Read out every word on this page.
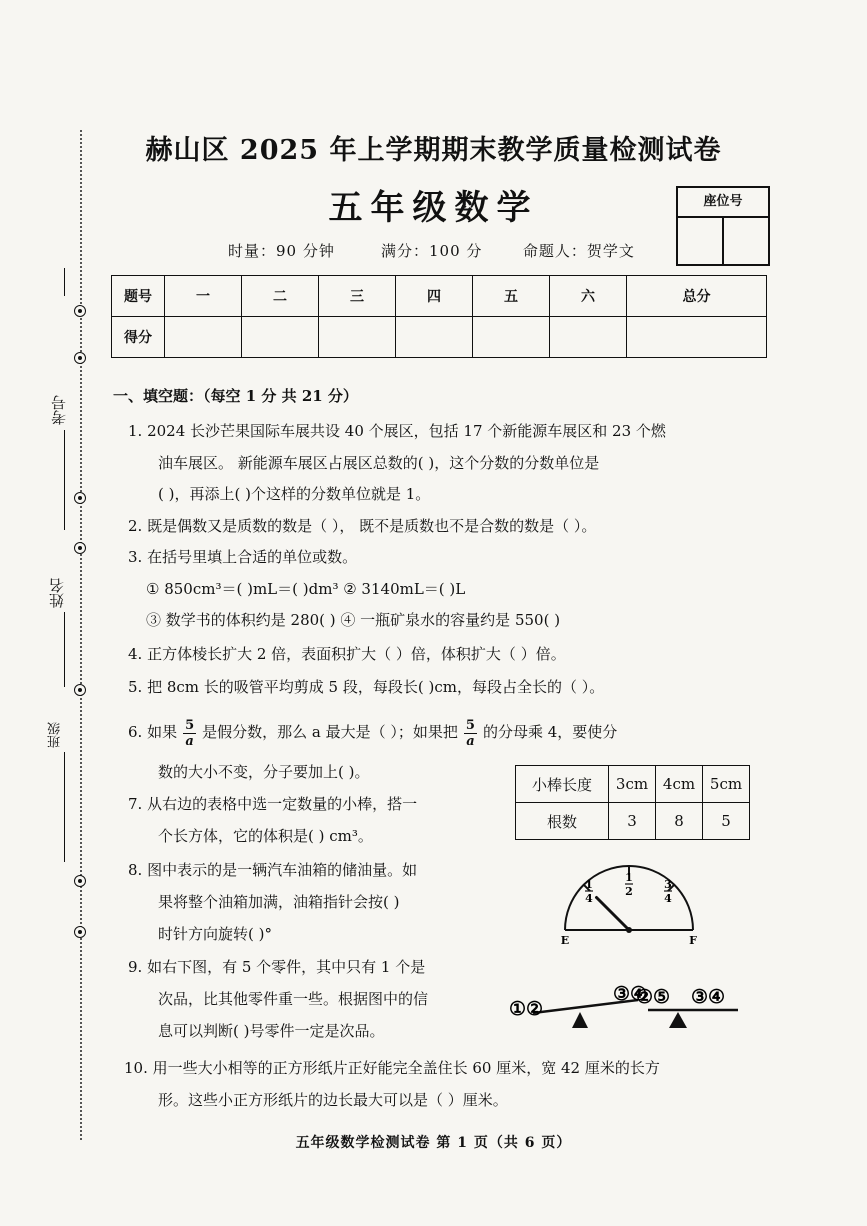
考号
姓名
班级
赫山区 2025 年上学期期末教学质量检测试卷
五年级数学	座位号
时量：90 分钟	满分：100 分	命题人：贺学文
题号	一	二	三	四	五	六	总分
得分							
一、填空题：（每空 1 分 共 21 分）
1. 2024 长沙芒果国际车展共设 40 个展区，包括 17 个新能源车展区和 23 个燃
油车展区。 新能源车展区占展区总数的( )，这个分数的分数单位是
( )，再添上( )个这样的分数单位就是 1。
2. 既是偶数又是质数的数是（ ）， 既不是质数也不是合数的数是（ ）。
3. 在括号里填上合适的单位或数。
① 850cm³＝( )mL＝( )dm³ ② 3140mL＝( )L
③ 数学书的体积约是 280( ) ④ 一瓶矿泉水的容量约是 550( )
4. 正方体棱长扩大 2 倍，表面积扩大（ ）倍，体积扩大（ ）倍。
5. 把 8cm 长的吸管平均剪成 5 段，每段长( )cm，每段占全长的（ ）。
6. 如果 $\frac{5}{a}$ 是假分数，那么 a 最大是（ ）；如果把 $\frac{5}{a}$ 的分母乘 4，要使分
数的大小不变，分子要加上( )。
7. 从右边的表格中选一定数量的小棒，搭一
个长方体，它的体积是( ) cm³。
小棒长度	3cm	4cm	5cm
根数	3	8	5
8. 图中表示的是一辆汽车油箱的储油量。如
果将整个油箱加满，油箱指针会按( )
时针方向旋转( )°
1
4
1
2
3
4
E	F
9. 如右下图，有 5 个零件，其中只有 1 个是
次品，比其他零件重一些。根据图中的信
息可以判断( )号零件一定是次品。
①②
③④
②⑤ ③④
10. 用一些大小相等的正方形纸片正好能完全盖住长 60 厘米，宽 42 厘米的长方
形。这些小正方形纸片的边长最大可以是（ ）厘米。
五年级数学检测试卷 第 1 页（共 6 页）
